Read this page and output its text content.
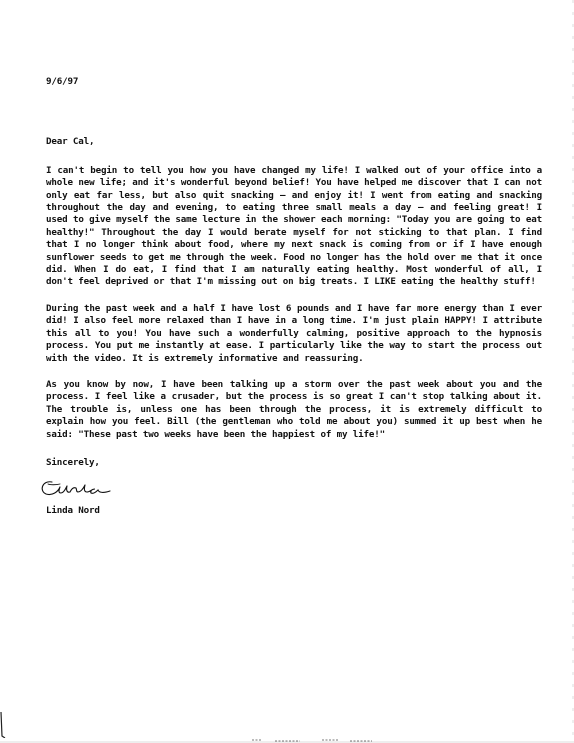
9/6/97

Dear Cal,

I can't begin to tell you how you have changed my life! I walked out of your office into a whole new life; and it's wonderful beyond belief! You have helped me discover that I can not only eat far less, but also quit snacking – and enjoy it! I went from eating and snacking throughout the day and evening, to eating three small meals a day – and feeling great! I used to give myself the same lecture in the shower each morning: "Today you are going to eat healthy!" Throughout the day I would berate myself for not sticking to that plan. I find that I no longer think about food, where my next snack is coming from or if I have enough sunflower seeds to get me through the week. Food no longer has the hold over me that it once did. When I do eat, I find that I am naturally eating healthy. Most wonderful of all, I don't feel deprived or that I'm missing out on big treats. I LIKE eating the healthy stuff!

During the past week and a half I have lost 6 pounds and I have far more energy than I ever did! I also feel more relaxed than I have in a long time. I'm just plain HAPPY! I attribute this all to you! You have such a wonderfully calming, positive approach to the hypnosis process. You put me instantly at ease. I particularly like the way to start the process out with the video. It is extremely informative and reassuring.

As you know by now, I have been talking up a storm over the past week about you and the process. I feel like a crusader, but the process is so great I can't stop talking about it. The trouble is, unless one has been through the process, it is extremely difficult to explain how you feel. Bill (the gentleman who told me about you) summed it up best when he said: "These past two weeks have been the happiest of my life!"

Sincerely,

Linda Nord
